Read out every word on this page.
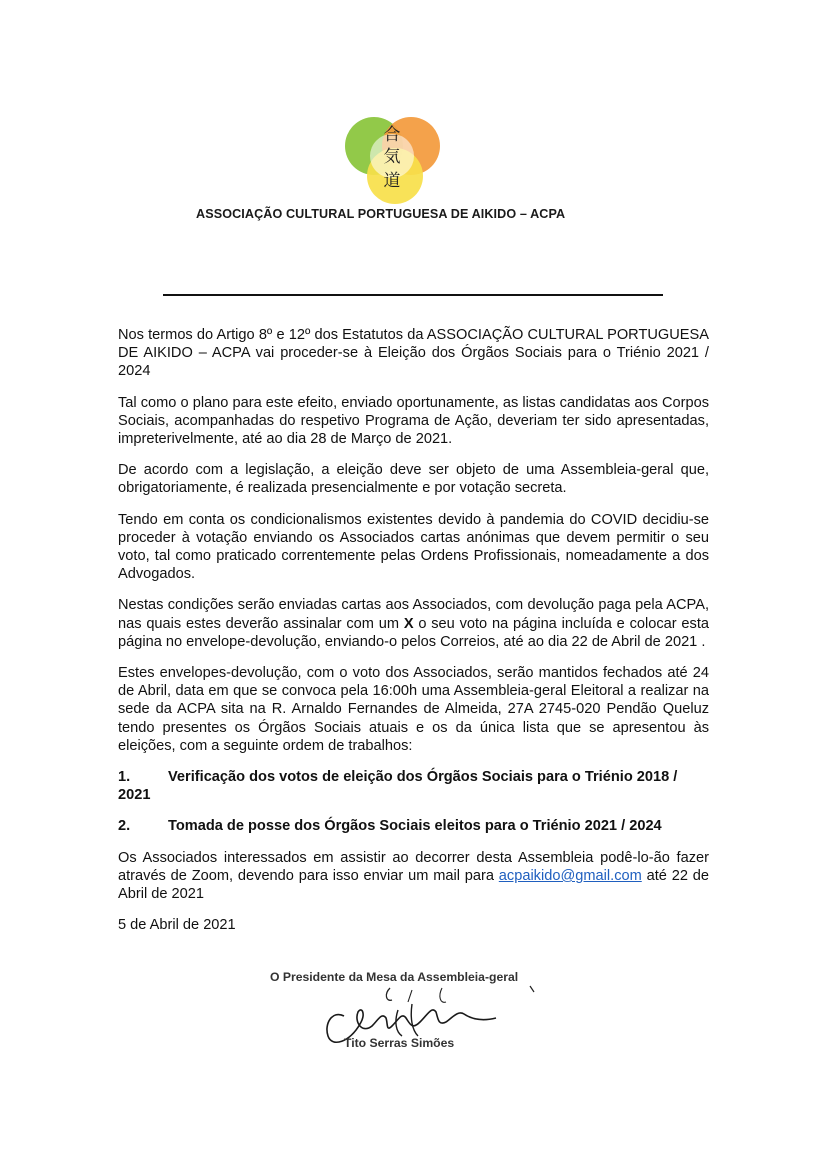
合
気
道
ASSOCIAÇÃO CULTURAL PORTUGUESA DE AIKIDO – ACPA

Nos termos do Artigo 8º e 12º dos Estatutos da ASSOCIAÇÃO CULTURAL PORTUGUESA DE AIKIDO – ACPA vai proceder-se à Eleição dos Órgãos Sociais para o Triénio 2021 / 2024

Tal como o plano para este efeito, enviado oportunamente, as listas candidatas aos Corpos Sociais, acompanhadas do respetivo Programa de Ação, deveriam ter sido apresentadas, impreterivelmente, até ao dia 28 de Março de 2021.

De acordo com a legislação, a eleição deve ser objeto de uma Assembleia-geral que, obrigatoriamente, é realizada presencialmente e por votação secreta.

Tendo em conta os condicionalismos existentes devido à pandemia do COVID decidiu-se proceder à votação enviando os Associados cartas anónimas que devem permitir o seu voto, tal como praticado correntemente pelas Ordens Profissionais, nomeadamente a dos Advogados.

Nestas condições serão enviadas cartas aos Associados, com devolução paga pela ACPA, nas quais estes deverão assinalar com um X o seu voto na página incluída e colocar esta página no envelope-devolução, enviando-o pelos Correios, até ao dia 22 de Abril de 2021 .

Estes envelopes-devolução, com o voto dos Associados, serão mantidos fechados até 24 de Abril, data em que se convoca pela 16:00h uma Assembleia-geral Eleitoral a realizar na sede da ACPA sita na R. Arnaldo Fernandes de Almeida, 27A 2745-020 Pendão Queluz tendo presentes os Órgãos Sociais atuais e os da única lista que se apresentou às eleições, com a seguinte ordem de trabalhos:

1.	Verificação dos votos de eleição dos Órgãos Sociais para o Triénio 2018 / 2021
2.	Tomada de posse dos Órgãos Sociais eleitos para o Triénio 2021 / 2024

Os Associados interessados em assistir ao decorrer desta Assembleia podê-lo-ão fazer através de Zoom, devendo para isso enviar um mail para acpaikido@gmail.com até 22 de Abril de 2021

5 de Abril de 2021

O Presidente da Mesa da Assembleia-geral
Tito Serras Simões
